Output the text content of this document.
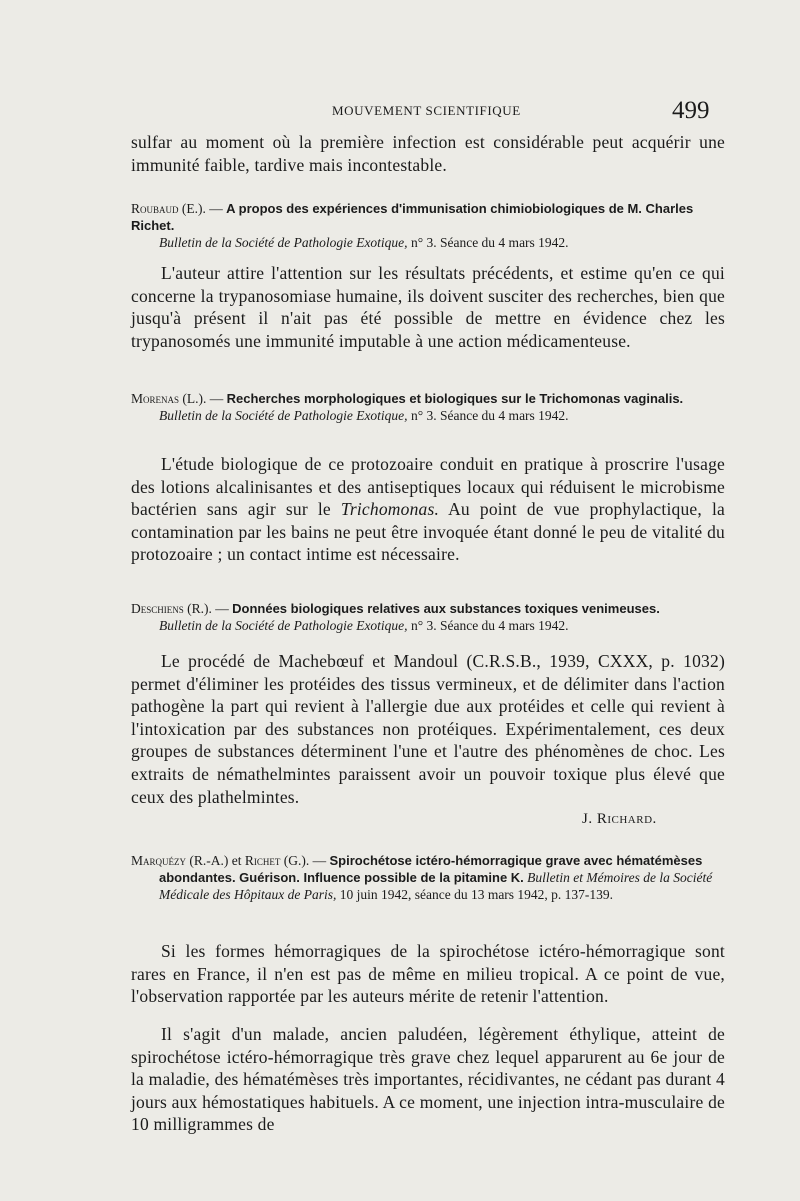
MOUVEMENT SCIENTIFIQUE	499

sulfar au moment où la première infection est considérable peut acquérir une immunité faible, tardive mais incontestable.

Roubaud (E.). — A propos des expériences d'immunisation chimiobiologiques de M. Charles Richet.
Bulletin de la Société de Pathologie Exotique, n° 3. Séance du 4 mars 1942.

L'auteur attire l'attention sur les résultats précédents, et estime qu'en ce qui concerne la trypanosomiase humaine, ils doivent susciter des recherches, bien que jusqu'à présent il n'ait pas été possible de mettre en évidence chez les trypanosomés une immunité imputable à une action médicamenteuse.

Morenas (L.). — Recherches morphologiques et biologiques sur le Trichomonas vaginalis.
Bulletin de la Société de Pathologie Exotique, n° 3. Séance du 4 mars 1942.

L'étude biologique de ce protozoaire conduit en pratique à proscrire l'usage des lotions alcalinisantes et des antiseptiques locaux qui réduisent le microbisme bactérien sans agir sur le Trichomonas. Au point de vue prophylactique, la contamination par les bains ne peut être invoquée étant donné le peu de vitalité du protozoaire ; un contact intime est nécessaire.

Deschiens (R.). — Données biologiques relatives aux substances toxiques venimeuses.
Bulletin de la Société de Pathologie Exotique, n° 3. Séance du 4 mars 1942.

Le procédé de Machebœuf et Mandoul (C.R.S.B., 1939, CXXX, p. 1032) permet d'éliminer les protéides des tissus vermineux, et de délimiter dans l'action pathogène la part qui revient à l'allergie due aux protéides et celle qui revient à l'intoxication par des substances non protéiques. Expérimentalement, ces deux groupes de substances déterminent l'une et l'autre des phénomènes de choc. Les extraits de némathelmintes paraissent avoir un pouvoir toxique plus élevé que ceux des plathelmintes.

J. Richard.

Marquézy (R.-A.) et Richet (G.). — Spirochétose ictéro-hémorragique grave avec hématémèses abondantes. Guérison. Influence possible de la pitamine K. Bulletin et Mémoires de la Société Médicale des Hôpitaux de Paris, 10 juin 1942, séance du 13 mars 1942, p. 137-139.

Si les formes hémorragiques de la spirochétose ictéro-hémorragique sont rares en France, il n'en est pas de même en milieu tropical. A ce point de vue, l'observation rapportée par les auteurs mérite de retenir l'attention.

Il s'agit d'un malade, ancien paludéen, légèrement éthylique, atteint de spirochétose ictéro-hémorragique très grave chez lequel apparurent au 6e jour de la maladie, des hématémèses très importantes, récidivantes, ne cédant pas durant 4 jours aux hémostatiques habituels. A ce moment, une injection intra-musculaire de 10 milligrammes de
